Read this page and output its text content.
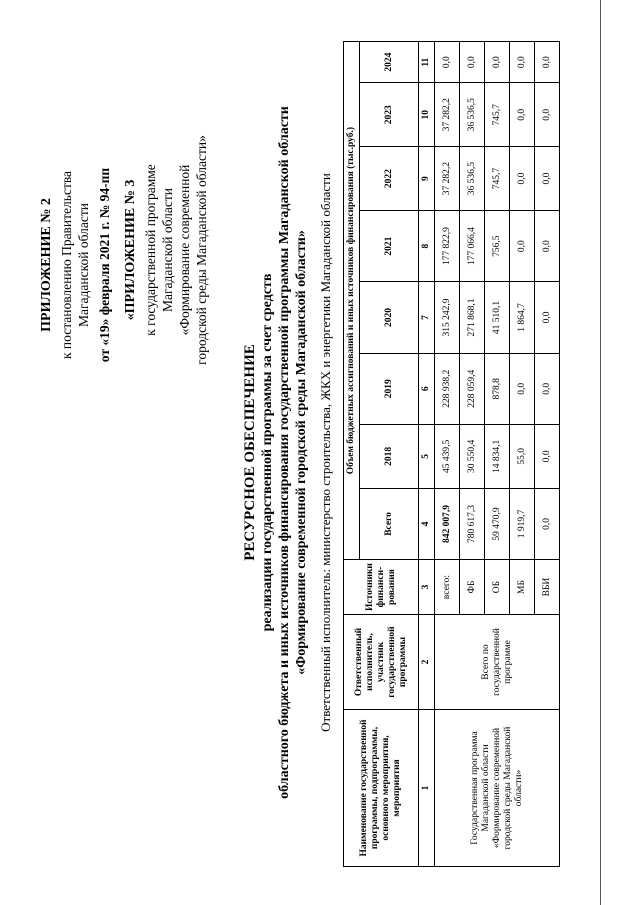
ПРИЛОЖЕНИЕ № 2 к постановлению Правительства Магаданской области от «19» февраля 2021 г. № 94-пп «ПРИЛОЖЕНИЕ № 3 к государственной программе Магаданской области «Формирование современной городской среды Магаданской области»
РЕСУРСНОЕ ОБЕСПЕЧЕНИЕ реализации государственной программы за счет средств областного бюджета и иных источников финансирования государственной программы Магаданской области «Формирование современной городской среды Магаданской области» Ответственный исполнитель: министерство строительства, ЖКХ и энергетики Магаданской области
Наименование государственной программы, подпрограммы, основного мероприятия, мероприятия	Ответственный исполнитель, участник государственной программы	Источники финанси-рования	Объем бюджетных ассигнований и иных источников финансирования (тыс.руб.)							
			Всего	2018	2019	2020	2021	2022	2023	2024
1	2	3	4	5	6	7	8	9	10	11
Государственная программа Магаданской области «Формирование современной городской среды Магаданской области»	Всего по государственной программе	всего:	842 007,9	45 439,5	228 938,2	315 242,9	177 822,9	37 282,2	37 282,2	0,0
		ФБ	780 617,3	30 550,4	228 059,4	271 868,1	177 066,4	36 536,5	36 536,5	0,0
		ОБ	59 470,9	14 834,1	878,8	41 510,1	756,5	745,7	745,7	0,0
		МБ	1 919,7	55,0	0,0	1 864,7	0,0	0,0	0,0	0,0
		ВБИ	0,0	0,0	0,0	0,0	0,0	0,0	0,0	0,0
